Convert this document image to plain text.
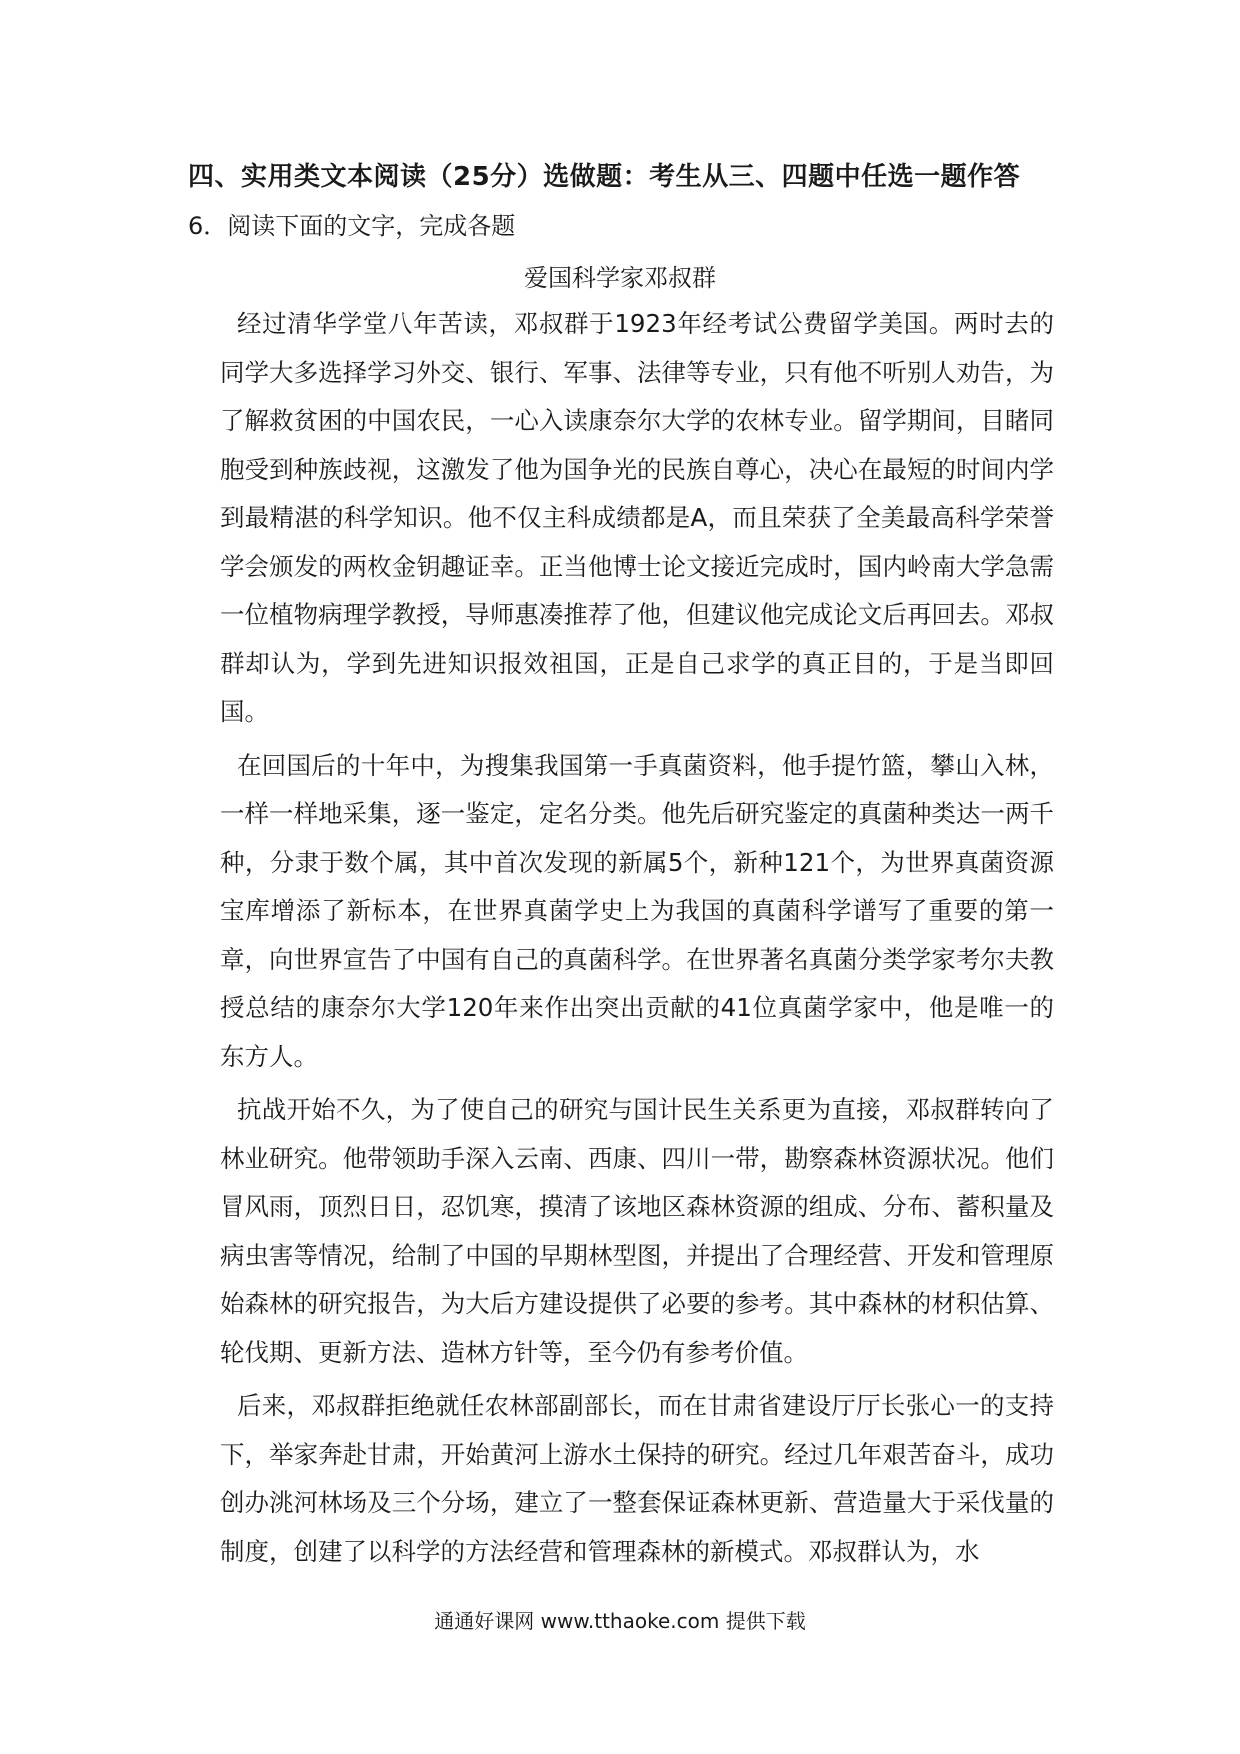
四、实用类文本阅读（25分）选做题：考生从三、四题中任选一题作答
6．阅读下面的文字，完成各题
爱国科学家邓叔群

经过清华学堂八年苦读，邓叔群于1923年经考试公费留学美国。两时去的同学大多选择学习外交、银行、军事、法律等专业，只有他不听别人劝告，为了解救贫困的中国农民，一心入读康奈尔大学的农林专业。留学期间，目睹同胞受到种族歧视，这激发了他为国争光的民族自尊心，决心在最短的时间内学到最精湛的科学知识。他不仅主科成绩都是A，而且荣获了全美最高科学荣誉学会颁发的两枚金钥趣证幸。正当他博士论文接近完成时，国内岭南大学急需一位植物病理学教授，导师惠凑推荐了他，但建议他完成论文后再回去。邓叔群却认为，学到先进知识报效祖国，正是自己求学的真正目的，于是当即回国。

在回国后的十年中，为搜集我国第一手真菌资料，他手提竹篮，攀山入林，一样一样地采集，逐一鉴定，定名分类。他先后研究鉴定的真菌种类达一两千种，分隶于数个属，其中首次发现的新属5个，新种121个，为世界真菌资源宝库增添了新标本，在世界真菌学史上为我国的真菌科学谱写了重要的第一章，向世界宣告了中国有自己的真菌科学。在世界著名真菌分类学家考尔夫教授总结的康奈尔大学120年来作出突出贡献的41位真菌学家中，他是唯一的东方人。

抗战开始不久，为了使自己的研究与国计民生关系更为直接，邓叔群转向了林业研究。他带领助手深入云南、西康、四川一带，勘察森林资源状况。他们冒风雨，顶烈日日，忍饥寒，摸清了该地区森林资源的组成、分布、蓄积量及病虫害等情况，给制了中国的早期林型图，并提出了合理经营、开发和管理原始森林的研究报告，为大后方建设提供了必要的参考。其中森林的材积估算、轮伐期、更新方法、造林方针等，至今仍有参考价值。

后来，邓叔群拒绝就任农林部副部长，而在甘肃省建设厅厅长张心一的支持下，举家奔赴甘肃，开始黄河上游水土保持的研究。经过几年艰苦奋斗，成功创办洮河林场及三个分场，建立了一整套保证森林更新、营造量大于采伐量的制度，创建了以科学的方法经营和管理森林的新模式。邓叔群认为，水

通通好课网 www.tthaoke.com 提供下载
